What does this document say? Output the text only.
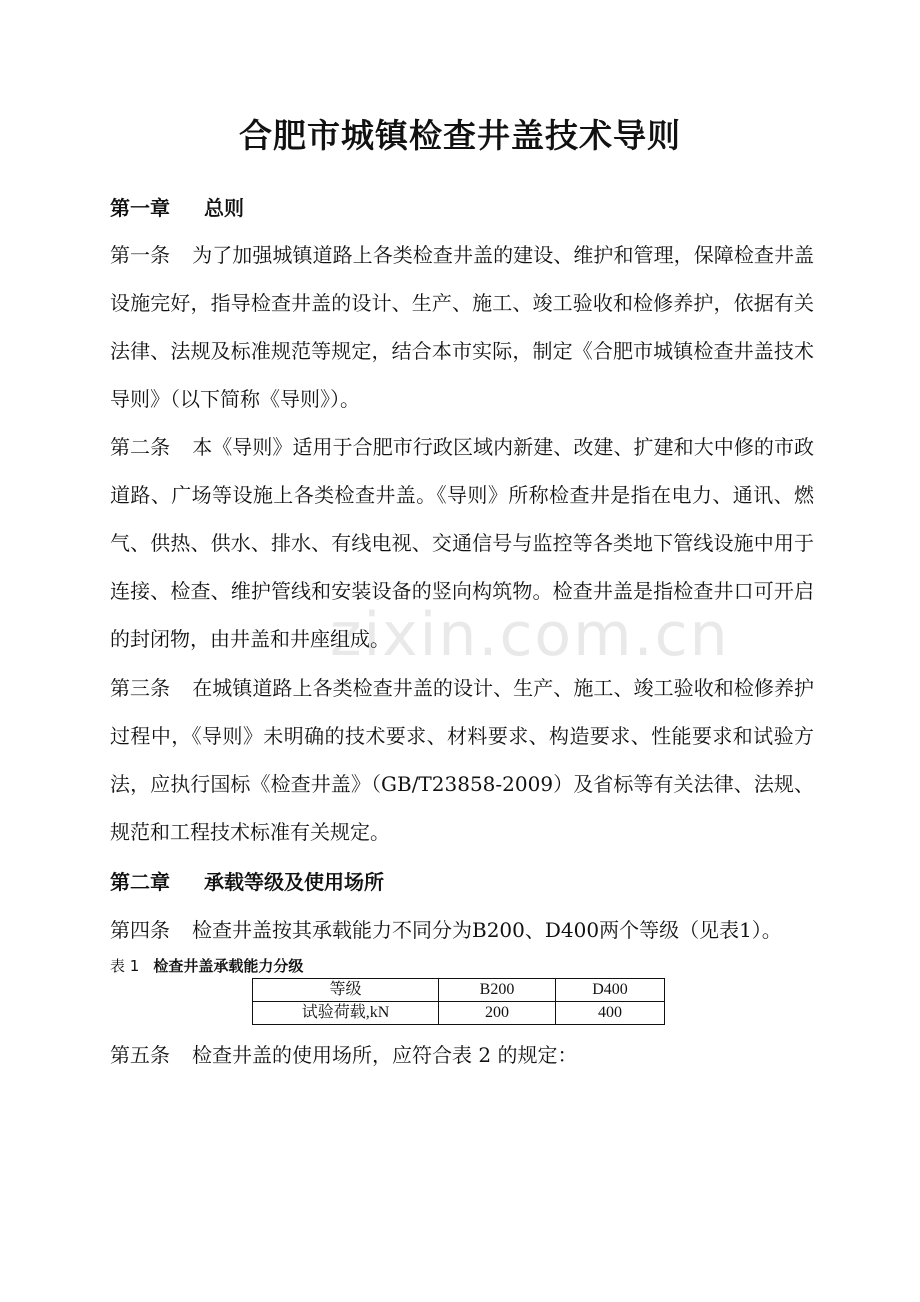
zixin.com.cn
合肥市城镇检查井盖技术导则
第一章 总则

第一条 为了加强城镇道路上各类检查井盖的建设、维护和管理，保障检查井盖设施完好，指导检查井盖的设计、生产、施工、竣工验收和检修养护，依据有关法律、法规及标准规范等规定，结合本市实际，制定《合肥市城镇检查井盖技术导则》（以下简称《导则》）。

第二条 本《导则》适用于合肥市行政区域内新建、改建、扩建和大中修的市政道路、广场等设施上各类检查井盖。《导则》所称检查井是指在电力、通讯、燃气、供热、供水、排水、有线电视、交通信号与监控等各类地下管线设施中用于连接、检查、维护管线和安装设备的竖向构筑物。检查井盖是指检查井口可开启的封闭物，由井盖和井座组成。

第三条 在城镇道路上各类检查井盖的设计、生产、施工、竣工验收和检修养护过程中，《导则》未明确的技术要求、材料要求、构造要求、性能要求和试验方法，应执行国标《检查井盖》（GB/T23858-2009）及省标等有关法律、法规、规范和工程技术标准有关规定。

第二章 承载等级及使用场所

第四条 检查井盖按其承载能力不同分为B200、D400两个等级（见表1）。

表 1 检查井盖承载能力分级
等级	B200	D400
试验荷载,kN	200	400

第五条 检查井盖的使用场所，应符合表 2 的规定：
